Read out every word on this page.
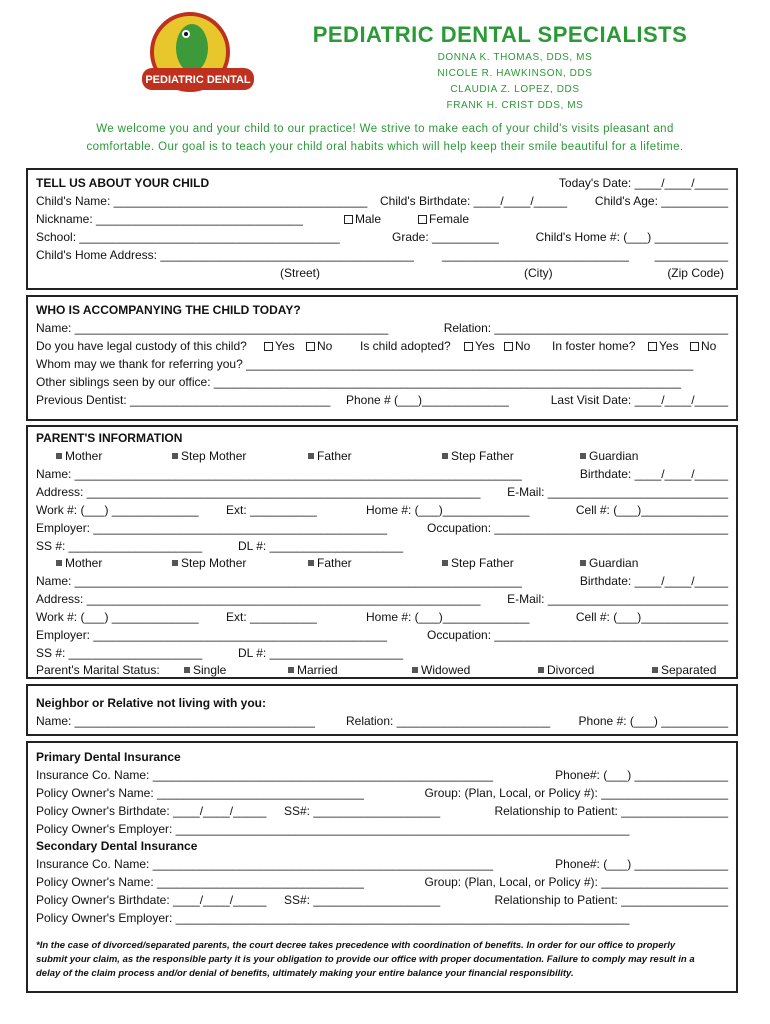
PEDIATRIC DENTAL
PEDIATRIC DENTAL SPECIALISTS
DONNA K. THOMAS, DDS, MS
NICOLE R. HAWKINSON, DDS
CLAUDIA Z. LOPEZ, DDS
FRANK H. CRIST DDS, MS
We welcome you and your child to our practice! We strive to make each of your child's visits pleasant and
comfortable. Our goal is to teach your child oral habits which will help keep their smile beautiful for a lifetime.
TELL US ABOUT YOUR CHILD	Today's Date: ____/____/_____
Child's Name: ______________________________________ Child's Birthdate: ____/____/_____ Child's Age: __________
Nickname: _______________________________	Male	Female
School: _______________________________________	Grade: __________	Child's Home #: (___) ___________
Child's Home Address: ______________________________________ ____________________________ ___________
(Street)	(City)	(Zip Code)
WHO IS ACCOMPANYING THE CHILD TODAY?
Name: _______________________________________________	Relation: ___________________________________
Do you have legal custody of this child?	Yes	No Is child adopted?	Yes	No In foster home?	Yes	No
Whom may we thank for referring you? ___________________________________________________________________
Other siblings seen by our office: ______________________________________________________________________
Previous Dentist: ______________________________ Phone # (___)_____________	Last Visit Date: ____/____/_____
PARENT'S INFORMATION
Mother	Step Mother	Father	Step Father	Guardian
Name: ___________________________________________________________________	Birthdate: ____/____/_____
Address: ___________________________________________________________ E-Mail: ___________________________
Work #: (___) _____________ Ext: __________	Home #: (___)_____________	Cell #: (___)_____________
Employer: ____________________________________________	Occupation: ___________________________________
SS #: ____________________	DL #: ____________________
Mother	Step Mother	Father	Step Father	Guardian
Name: ___________________________________________________________________	Birthdate: ____/____/_____
Address: ___________________________________________________________ E-Mail: ___________________________
Work #: (___) _____________ Ext: __________	Home #: (___)_____________	Cell #: (___)_____________
Employer: ____________________________________________	Occupation: ___________________________________
SS #: ____________________	DL #: ____________________
Parent's Marital Status:	Single	Married	Widowed	Divorced	Separated
Neighbor or Relative not living with you:
Name: ____________________________________	Relation: _______________________ Phone #: (___) __________
Primary Dental Insurance
Insurance Co. Name: ___________________________________________________	Phone#: (___) ______________
Policy Owner's Name: _______________________________	Group: (Plan, Local, or Policy #): ___________________
Policy Owner's Birthdate: ____/____/_____ SS#: ___________________	Relationship to Patient: ________________
Policy Owner's Employer: ____________________________________________________________________
Secondary Dental Insurance
Insurance Co. Name: ___________________________________________________	Phone#: (___) ______________
Policy Owner's Name: _______________________________	Group: (Plan, Local, or Policy #): ___________________
Policy Owner's Birthdate: ____/____/_____ SS#: ___________________	Relationship to Patient: ________________
Policy Owner's Employer: ____________________________________________________________________
*In the case of divorced/separated parents, the court decree takes precedence with coordination of benefits. In order for our office to properly
submit your claim, as the responsible party it is your obligation to provide our office with proper documentation. Failure to comply may result in a
delay of the claim process and/or denial of benefits, ultimately making your entire balance your financial responsibility.
